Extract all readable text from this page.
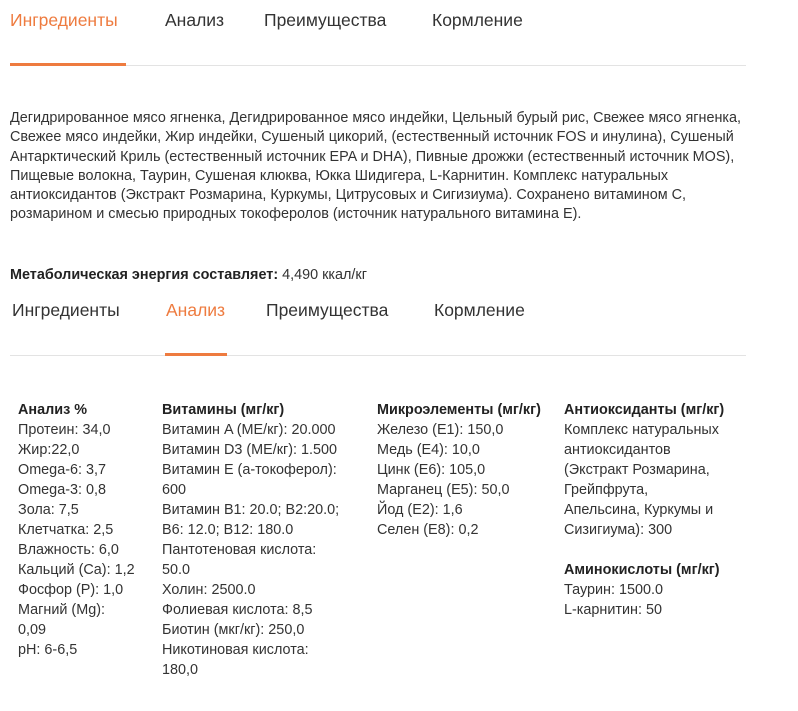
Ингредиенты	Анализ Преимущества	Кормление

Дегидрированное мясо ягненка, Дегидрированное мясо индейки, Цельный бурый рис, Свежее мясо ягненка, Свежее мясо индейки, Жир индейки, Сушеный цикорий, (естественный источник FOS и инулина), Сушеный Антарктический Криль (естественный источник EPA и DHA), Пивные дрожжи (естественный источник MOS), Пищевые волокна, Таурин, Сушеная клюква, Юкка Шидигера, L-Карнитин. Комплекс натуральных антиоксидантов (Экстракт Розмарина, Куркумы, Цитрусовых и Сигизиума). Сохранено витамином С, розмарином и смесью природных токоферолов (источник натурального витамина Е).

Метаболическая энергия составляет: 4,490 ккал/кг

Ингредиенты	Анализ Преимущества	Кормление
Анализ %
Протеин: 34,0
Жир:22,0
Omega-6: 3,7
Omega-3: 0,8
Зола: 7,5
Клетчатка: 2,5
Влажность: 6,0
Кальций (Ca): 1,2
Фосфор (P): 1,0
Магний (Mg):
0,09
pH: 6-6,5
Витамины (мг/кг)
Витамин A (МЕ/кг): 20.000
Витамин D3 (МЕ/кг): 1.500
Витамин E (а-токоферол):
600
Витамин B1: 20.0; B2:20.0;
B6: 12.0; B12: 180.0
Пантотеновая кислота:
50.0
Холин: 2500.0
Фолиевая кислота: 8,5
Биотин (мкг/кг): 250,0
Никотиновая кислота:
180,0
Микроэлементы (мг/кг)
Железо (E1): 150,0
Медь (E4): 10,0
Цинк (E6): 105,0
Марганец (E5): 50,0
Йод (E2): 1,6
Селен (E8): 0,2
Антиоксиданты (мг/кг)
Комплекс натуральных
антиоксидантов
(Экстракт Розмарина,
Грейпфрута,
Апельсина, Куркумы и
Сизигиума): 300
Аминокислоты (мг/кг)
Таурин: 1500.0
L-карнитин: 50
